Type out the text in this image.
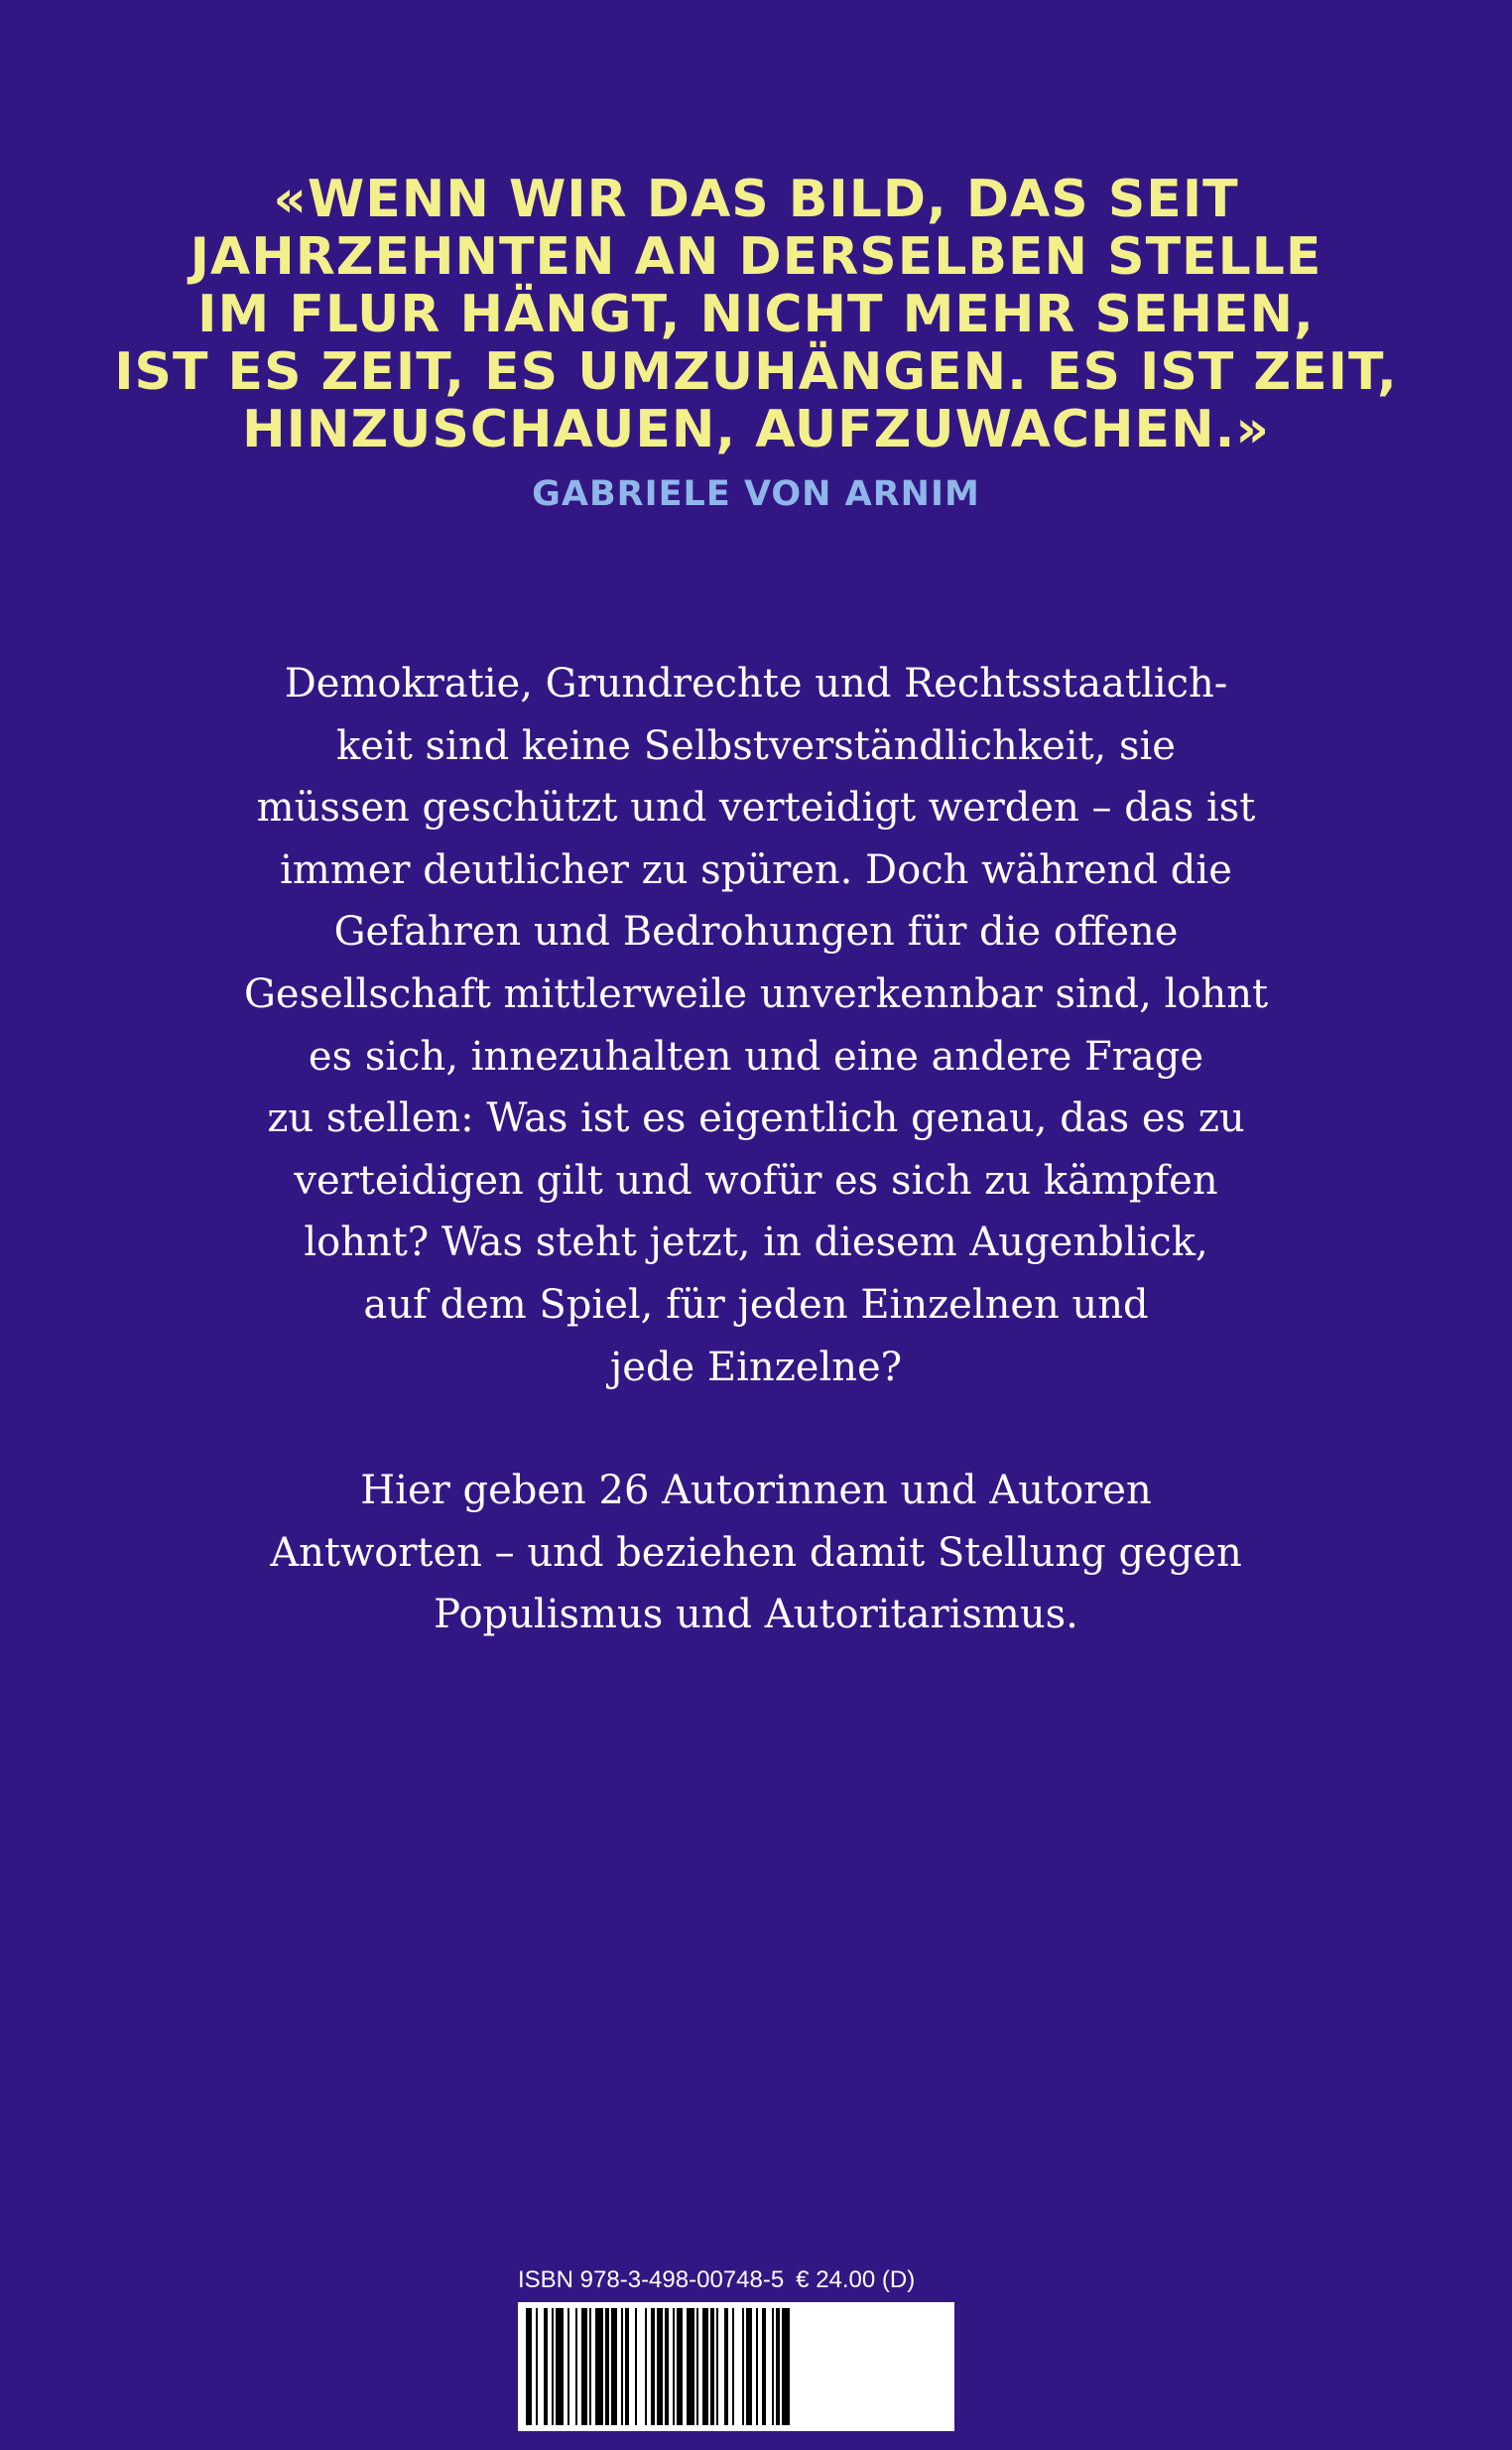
«WENN WIR DAS BILD, DAS SEIT
JAHRZEHNTEN AN DERSELBEN STELLE
IM FLUR HÄNGT, NICHT MEHR SEHEN,
IST ES ZEIT, ES UMZUHÄNGEN. ES IST ZEIT,
HINZUSCHAUEN, AUFZUWACHEN.»
GABRIELE VON ARNIM
Demokratie, Grundrechte und Rechtsstaatlich-
keit sind keine Selbstverständlichkeit, sie
müssen geschützt und verteidigt werden – das ist
immer deutlicher zu spüren. Doch während die
Gefahren und Bedrohungen für die offene
Gesellschaft mittlerweile unverkennbar sind, lohnt
es sich, innezuhalten und eine andere Frage
zu stellen: Was ist es eigentlich genau, das es zu
verteidigen gilt und wofür es sich zu kämpfen
lohnt? Was steht jetzt, in diesem Augenblick,
auf dem Spiel, für jeden Einzelnen und
jede Einzelne?
Hier geben 26 Autorinnen und Autoren
Antworten – und beziehen damit Stellung gegen
Populismus und Autoritarismus.
ISBN 978-3-498-00748-5 € 24.00 (D)
